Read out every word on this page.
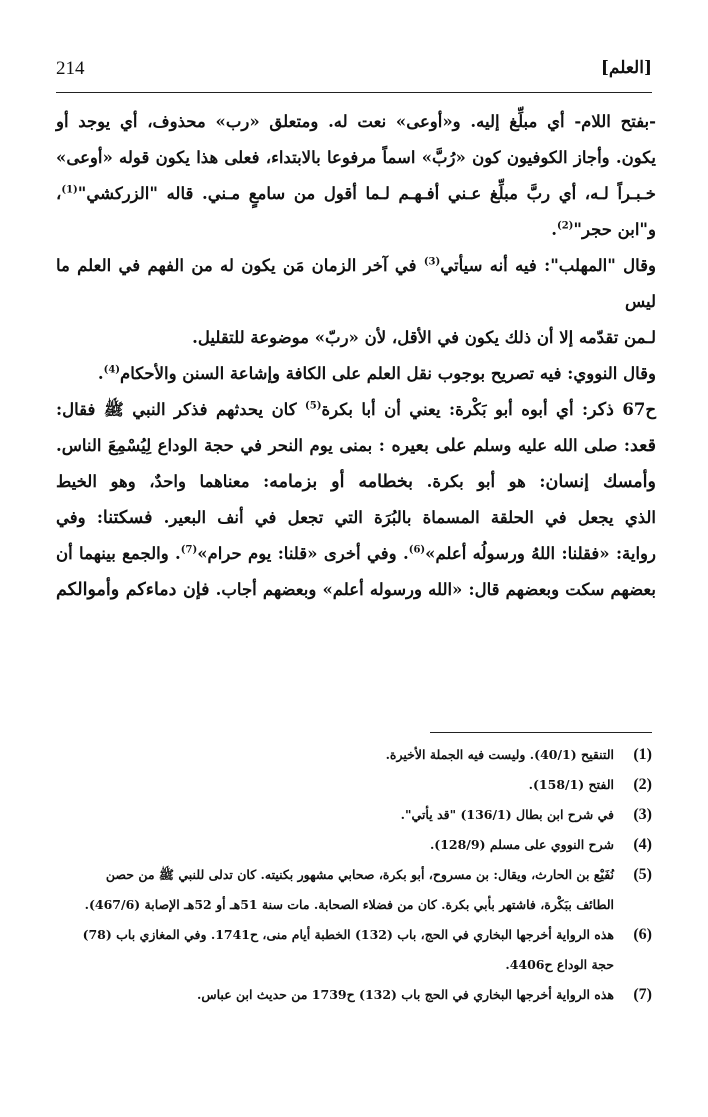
214	[العلم]

-بفتح اللام- أي مبلِّغ إليه. و«أوعى» نعت له. ومتعلق «رب» محذوف، أي يوجد أو
يكون. وأجاز الكوفيون كون «رُبَّ» اسماً مرفوعا بالابتداء، فعلى هذا يكون قوله «أوعى»
خـبـراً لـه، أي ربَّ مبلِّغ عـني أفـهـم لـما أقول من سامعٍ مـني. قاله "الزركشي"$^{(1)}$،
و"ابن حجر"$^{(2)}$.

وقال "المهلب": فيه أنه سيأتي$^{(3)}$ في آخر الزمان مَن يكون له من الفهم في العلم ما ليس
لـمن تقدّمه إلا أن ذلك يكون في الأقل، لأن «ربّ» موضوعة للتقليل.

وقال النووي: فيه تصريح بوجوب نقل العلم على الكافة وإشاعة السنن والأحكام$^{(4)}$.

ح67 ذكر: أي أبوه أبو بَكْرة: يعني أن أبا بكرة$^{(5)}$ كان يحدثهم فذكر النبي ﷺ فقال:
قعد: صلى الله عليه وسلم على بعيره : بمنى يوم النحر في حجة الوداع لِيُسْمِعَ الناس.
وأمسك إنسان: هو أبو بكرة. بخطامه أو بزمامه: معناهما واحدٌ، وهو الخيط
الذي يجعل في الحلقة المسماة بالبُرَة التي تجعل في أنف البعير. فسكتنا: وفي
رواية: «فقلنا: اللهُ ورسولُه أعلم»$^{(6)}$. وفي أخرى «قلنا: يوم حرام»$^{(7)}$. والجمع بينهما أن
بعضهم سكت وبعضهم قال: «الله ورسوله أعلم» وبعضهم أجاب. فإن دماءكم وأموالكم

(1)
التنقيح (40/1). وليست فيه الجملة الأخيرة.
(2)
الفتح (158/1).
(3)
في شرح ابن بطال (136/1) "قد يأتي".
(4)
شرح النووي على مسلم (128/9).
(5)
نُفَيْع بن الحارث، ويقال: بن مسروح، أبو بكرة، صحابي مشهور بكنيته. كان تدلى للنبي ﷺ من حصن
الطائف ببَكْرة، فاشتهر بأبي بكرة. كان من فضلاء الصحابة. مات سنة 51هـ أو 52هـ الإصابة (467/6).
(6)
هذه الرواية أخرجها البخاري في الحج، باب (132) الخطبة أيام منى، ح1741. وفي المغازي باب (78)
حجة الوداع ح4406.
(7)
هذه الرواية أخرجها البخاري في الحج باب (132) ح1739 من حديث ابن عباس.
